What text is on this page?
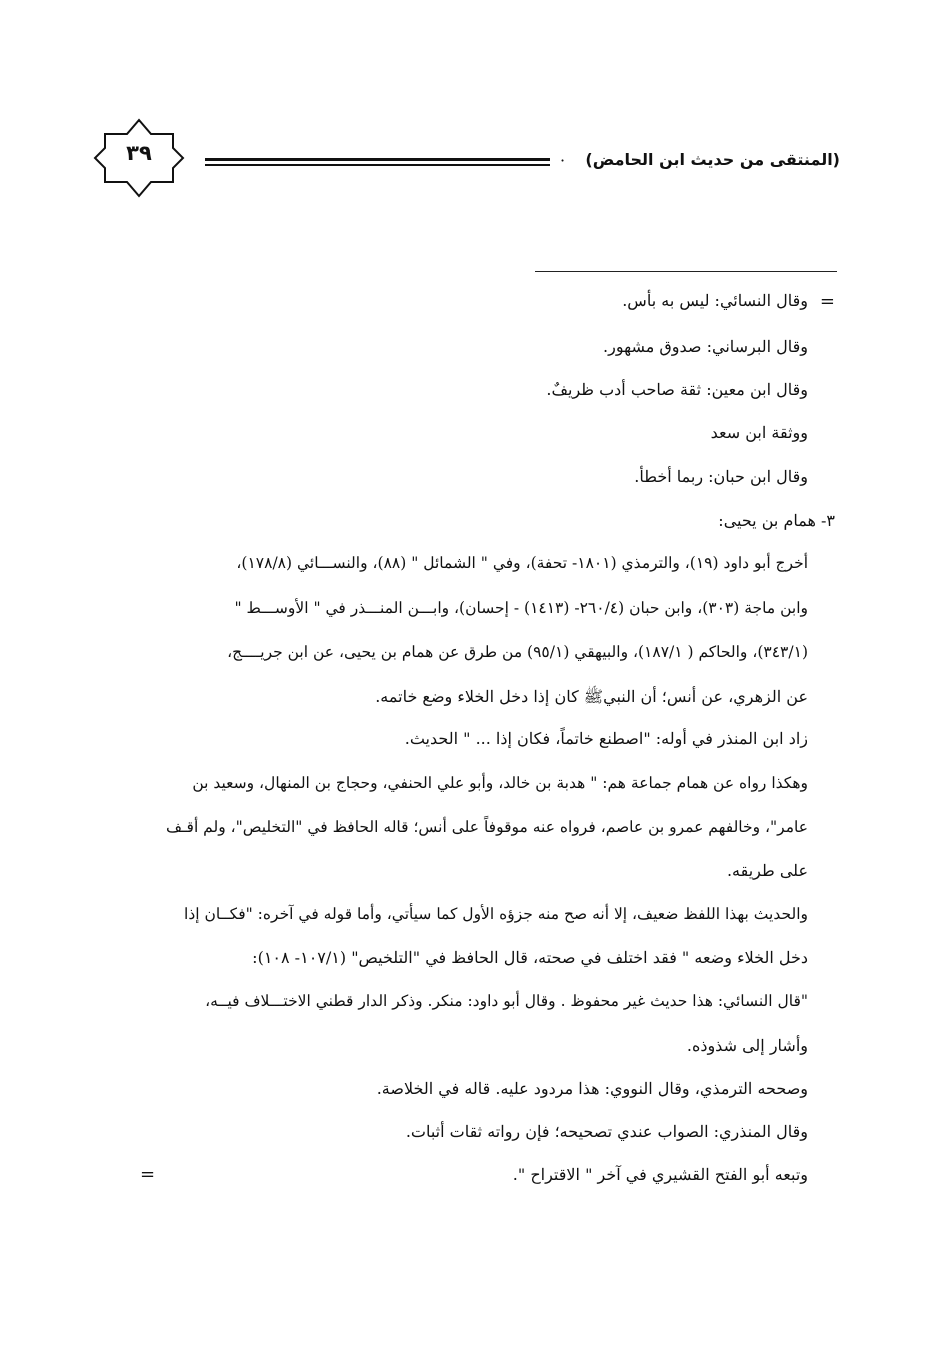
(المنتقى من حديث ابن الحامض)
·
٣٩
=
وقال النسائي: ليس به بأس.
وقال البرساني: صدوق مشهور.
وقال ابن معين: ثقة صاحب أدب ظريفٌ.
ووثقة ابن سعد
وقال ابن حبان: ربما أخطأ.
٣- همام بن يحيى:
أخرج أبو داود (١٩)، والترمذي (١٨٠١- تحفة)، وفي " الشمائل " (٨٨)، والنســـائي (١٧٨/٨)،
وابن ماجة (٣٠٣)، وابن حبان (٢٦٠/٤- (١٤١٣) - إحسان)، وابـــن المنـــذر في " الأوســـط "
(٣٤٣/١)، والحاكم ( ١٨٧/١)، والبيهقي (٩٥/١) من طرق عن همام بن يحيى، عن ابن جريــــج،
عن الزهري، عن أنس؛ أن النبيﷺ كان إذا دخل الخلاء وضع خاتمه.
زاد ابن المنذر في أوله: "اصطنع خاتماً، فكان إذا ... " الحديث.
وهكذا رواه عن همام جماعة هم: " هدبة بن خالد، وأبو علي الحنفي، وحجاج بن المنهال، وسعيد بن
عامر"، وخالفهم عمرو بن عاصم، فرواه عنه موقوفاً على أنس؛ قاله الحافظ في "التخليص"، ولم أقـف
على طريقه.
والحديث بهذا اللفظ ضعيف، إلا أنه صح منه جزؤه الأول كما سيأتي، وأما قوله في آخره: "فكــان إذا
دخل الخلاء وضعه " فقد اختلف في صحته، قال الحافظ في "التلخيص" (١٠٧/١- ١٠٨):
"قال النسائي: هذا حديث غير محفوظ . وقال أبو داود: منكر. وذكر الدار قطني الاختـــلاف فيــه،
وأشار إلى شذوذه.
وصححه الترمذي، وقال النووي: هذا مردود عليه. قاله في الخلاصة.
وقال المنذري: الصواب عندي تصحيحه؛ فإن رواته ثقات أثبات.
وتبعه أبو الفتح القشيري في آخر " الاقتراح ".
=
